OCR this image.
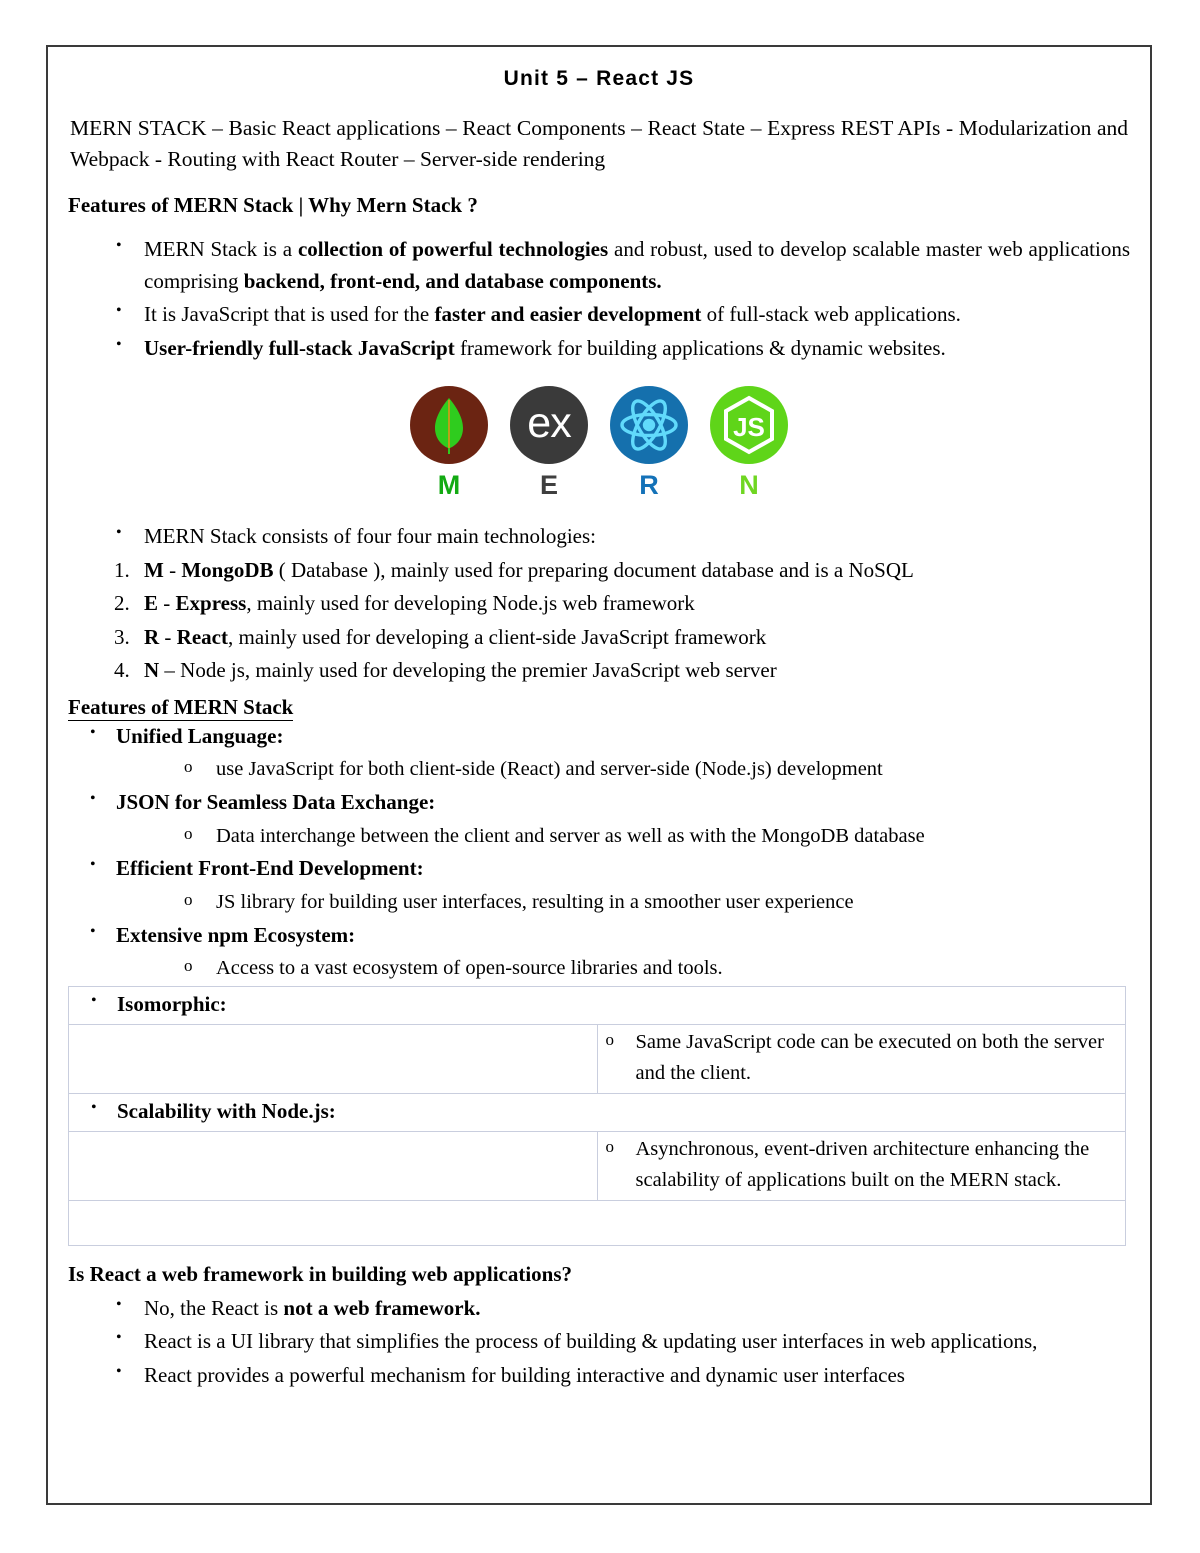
Unit 5 – React JS

MERN STACK – Basic React applications – React Components – React State – Express REST APIs - Modularization and Webpack - Routing with React Router – Server-side rendering

Features of MERN Stack | Why Mern Stack ?
• MERN Stack is a collection of powerful technologies and robust, used to develop scalable master web applications comprising backend, front-end, and database components.
• It is JavaScript that is used for the faster and easier development of full-stack web applications.
• User-friendly full-stack JavaScript framework for building applications & dynamic websites.
M
ex
E	R
JS
N
• MERN Stack consists of four four main technologies:
1. M - MongoDB ( Database ), mainly used for preparing document database and is a NoSQL
2. E - Express, mainly used for developing Node.js web framework
3. R - React, mainly used for developing a client-side JavaScript framework
4. N – Node js, mainly used for developing the premier JavaScript web server
Features of MERN Stack
• Unified Language:
o use JavaScript for both client-side (React) and server-side (Node.js) development
• JSON for Seamless Data Exchange:
o Data interchange between the client and server as well as with the MongoDB database
• Efficient Front-End Development:
o JS library for building user interfaces, resulting in a smoother user experience
• Extensive npm Ecosystem:
o Access to a vast ecosystem of open-source libraries and tools.
• Isomorphic:	

	o Same JavaScript code can be executed on both the server and the client.

• Scalability with Node.js:	

	o Asynchronous, event-driven architecture enhancing the scalability of applications built on the MERN stack.

Is React a web framework in building web applications?
• No, the React is not a web framework.
• React is a UI library that simplifies the process of building & updating user interfaces in web applications,
• React provides a powerful mechanism for building interactive and dynamic user interfaces
